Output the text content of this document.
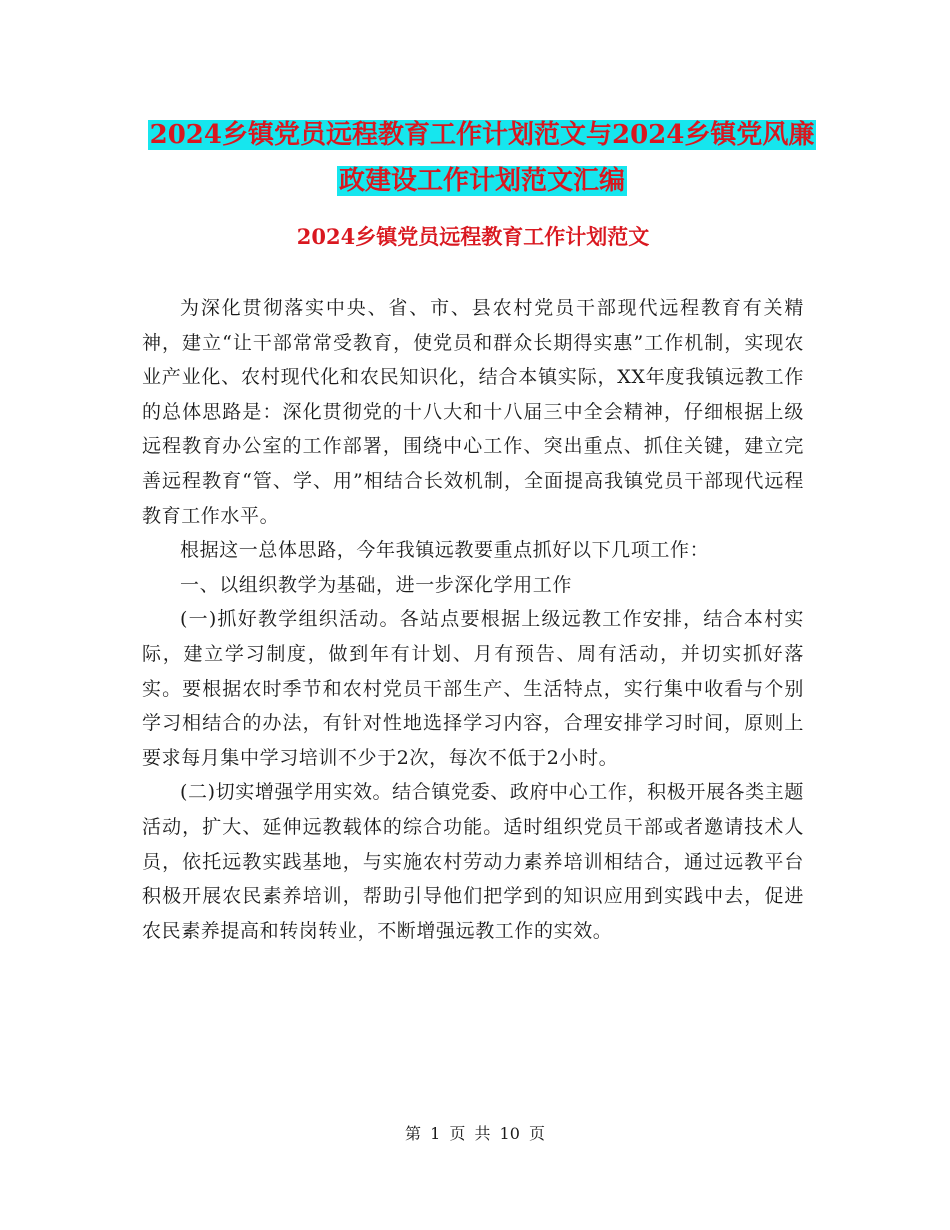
2024乡镇党员远程教育工作计划范文与2024乡镇党风廉政建设工作计划范文汇编
2024乡镇党员远程教育工作计划范文

为深化贯彻落实中央、省、市、县农村党员干部现代远程教育有关精神，建立“让干部常常受教育，使党员和群众长期得实惠”工作机制，实现农业产业化、农村现代化和农民知识化，结合本镇实际，XX年度我镇远教工作的总体思路是：深化贯彻党的十八大和十八届三中全会精神，仔细根据上级远程教育办公室的工作部署，围绕中心工作、突出重点、抓住关键，建立完善远程教育“管、学、用”相结合长效机制，全面提高我镇党员干部现代远程教育工作水平。

根据这一总体思路，今年我镇远教要重点抓好以下几项工作：

一、以组织教学为基础，进一步深化学用工作

(一)抓好教学组织活动。各站点要根据上级远教工作安排，结合本村实际，建立学习制度，做到年有计划、月有预告、周有活动，并切实抓好落实。要根据农时季节和农村党员干部生产、生活特点，实行集中收看与个别学习相结合的办法，有针对性地选择学习内容，合理安排学习时间，原则上要求每月集中学习培训不少于2次，每次不低于2小时。

(二)切实增强学用实效。结合镇党委、政府中心工作，积极开展各类主题活动，扩大、延伸远教载体的综合功能。适时组织党员干部或者邀请技术人员，依托远教实践基地，与实施农村劳动力素养培训相结合，通过远教平台积极开展农民素养培训，帮助引导他们把学到的知识应用到实践中去，促进农民素养提高和转岗转业，不断增强远教工作的实效。

第 1 页 共 10 页
